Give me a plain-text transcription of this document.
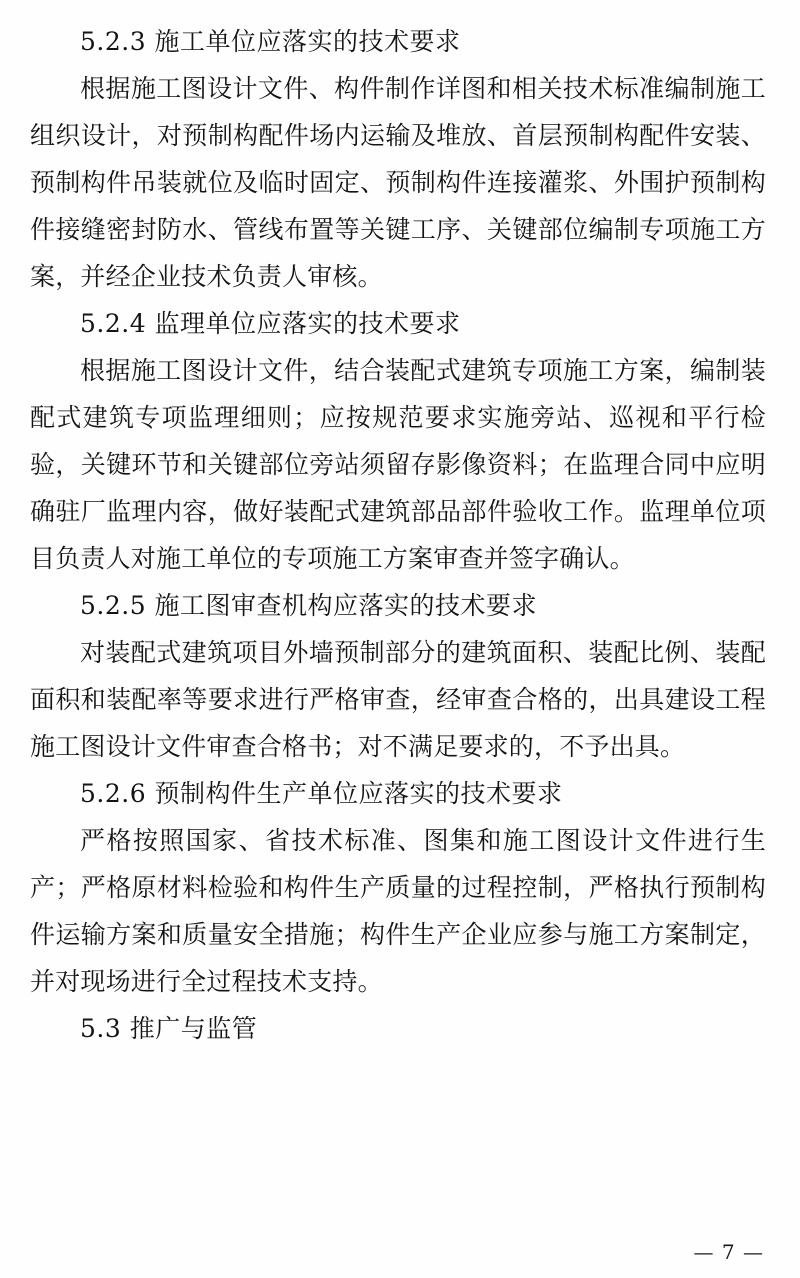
5.2.3 施工单位应落实的技术要求

根据施工图设计文件、构件制作详图和相关技术标准编制施工组织设计，对预制构配件场内运输及堆放、首层预制构配件安装、预制构件吊装就位及临时固定、预制构件连接灌浆、外围护预制构件接缝密封防水、管线布置等关键工序、关键部位编制专项施工方案，并经企业技术负责人审核。

5.2.4 监理单位应落实的技术要求

根据施工图设计文件，结合装配式建筑专项施工方案，编制装配式建筑专项监理细则；应按规范要求实施旁站、巡视和平行检验，关键环节和关键部位旁站须留存影像资料；在监理合同中应明确驻厂监理内容，做好装配式建筑部品部件验收工作。监理单位项目负责人对施工单位的专项施工方案审查并签字确认。

5.2.5 施工图审查机构应落实的技术要求

对装配式建筑项目外墙预制部分的建筑面积、装配比例、装配面积和装配率等要求进行严格审查，经审查合格的，出具建设工程施工图设计文件审查合格书；对不满足要求的，不予出具。

5.2.6 预制构件生产单位应落实的技术要求

严格按照国家、省技术标准、图集和施工图设计文件进行生产；严格原材料检验和构件生产质量的过程控制，严格执行预制构件运输方案和质量安全措施；构件生产企业应参与施工方案制定，并对现场进行全过程技术支持。

5.3 推广与监管
— 7 —
